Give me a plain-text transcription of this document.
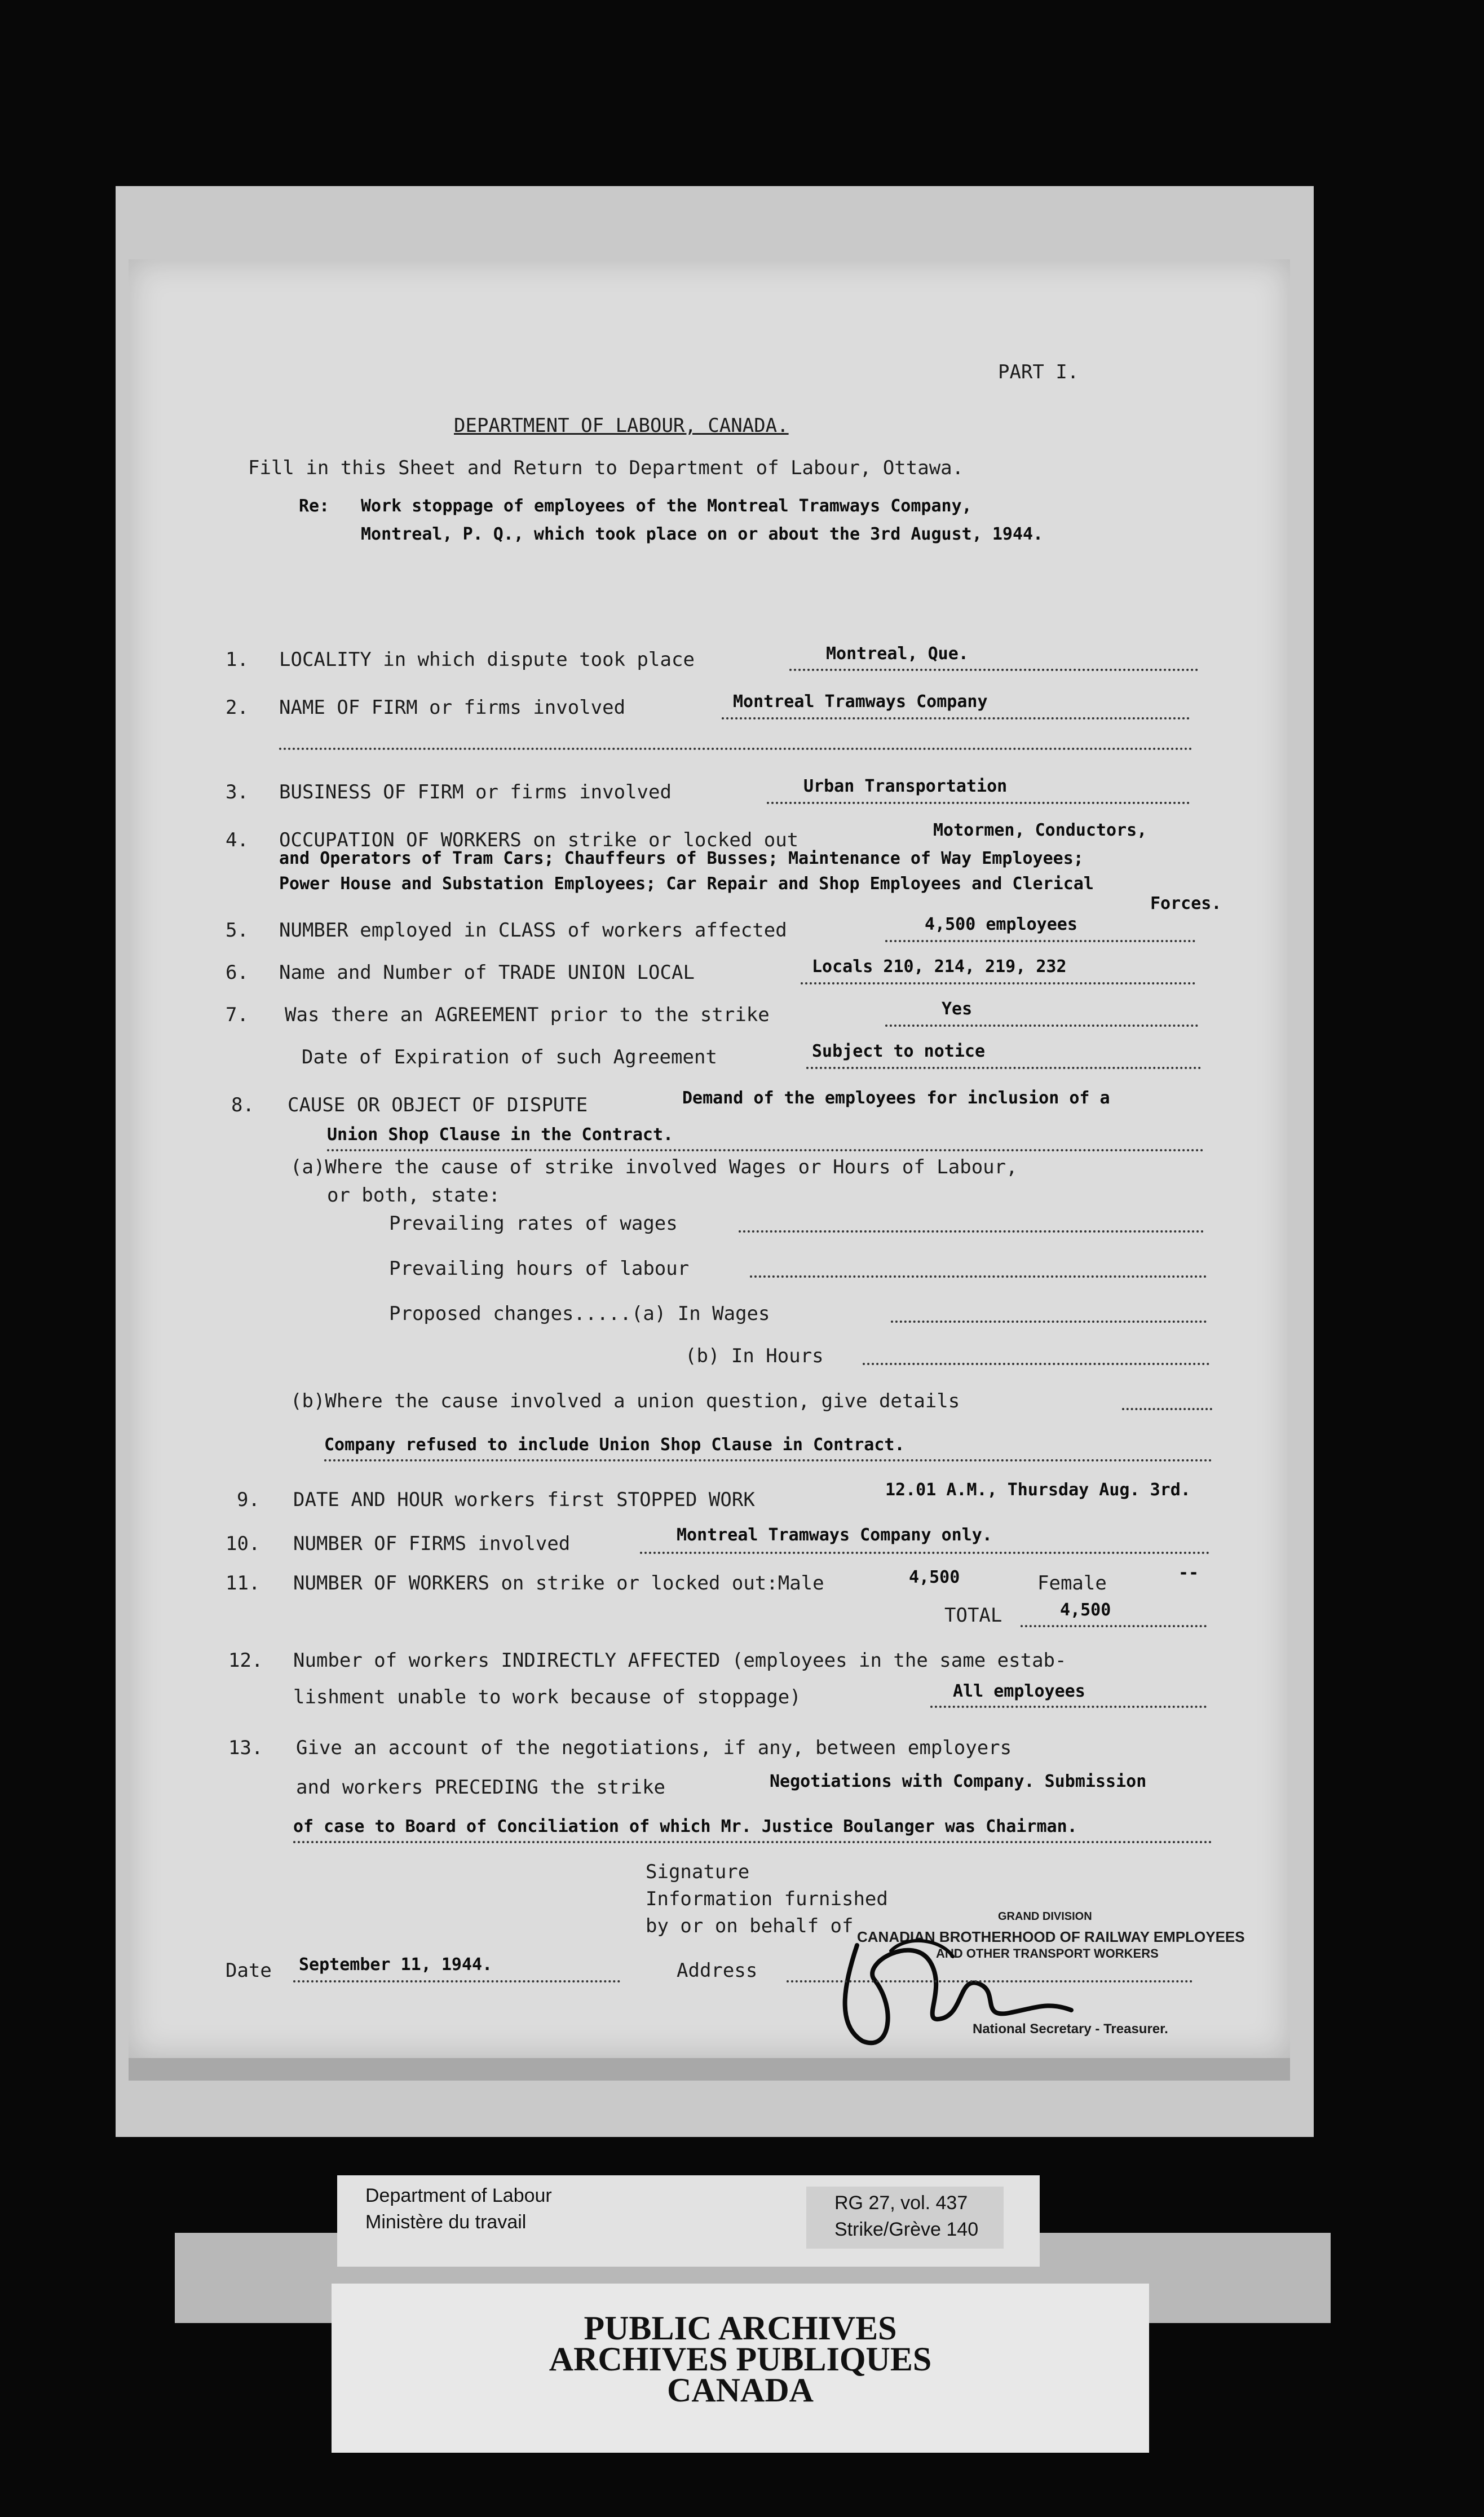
PART I.
DEPARTMENT OF LABOUR, CANADA.
Fill in this Sheet and Return to Department of Labour, Ottawa.
Re: Work stoppage of employees of the Montreal Tramways Company,
Montreal, P. Q., which took place on or about the 3rd August, 1944.
1. LOCALITY in which dispute took place	Montreal, Que.
2. NAME OF FIRM or firms involved	Montreal Tramways Company
3. BUSINESS OF FIRM or firms involved	Urban Transportation
4. OCCUPATION OF WORKERS on strike or locked out	Motormen, Conductors,
and Operators of Tram Cars; Chauffeurs of Busses; Maintenance of Way Employees;
Power House and Substation Employees; Car Repair and Shop Employees and Clerical
Forces.
5. NUMBER employed in CLASS of workers affected	4,500 employees
6. Name and Number of TRADE UNION LOCAL	Locals 210, 214, 219, 232
7. Was there an AGREEMENT prior to the strike	Yes
Date of Expiration of such Agreement	Subject to notice
8. CAUSE OR OBJECT OF DISPUTE	Demand of the employees for inclusion of a
Union Shop Clause in the Contract.
(a)Where the cause of strike involved Wages or Hours of Labour,
or both, state:
Prevailing rates of wages
Prevailing hours of labour
Proposed changes.....(a) In Wages
(b) In Hours
(b)Where the cause involved a union question, give details
Company refused to include Union Shop Clause in Contract.
9. DATE AND HOUR workers first STOPPED WORK	12.01 A.M., Thursday Aug. 3rd.
10. NUMBER OF FIRMS involved	Montreal Tramways Company only.
11. NUMBER OF WORKERS on strike or locked out:Male	4,500	Female	--
TOTAL	4,500
12. Number of workers INDIRECTLY AFFECTED (employees in the same estab-
lishment unable to work because of stoppage)	All employees
13. Give an account of the negotiations, if any, between employers
and workers PRECEDING the strike	Negotiations with Company. Submission
of case to Board of Conciliation of which Mr. Justice Boulanger was Chairman.
Signature
Information furnished
by or on behalf of	GRAND DIVISION
CANADIAN BROTHERHOOD OF RAILWAY EMPLOYEES
AND OTHER TRANSPORT WORKERS
National Secretary - Treasurer.
Date September 11, 1944.	Address
Department of Labour
Ministère du travail
RG 27, vol. 437
Strike/Grève 140
PUBLIC ARCHIVES
ARCHIVES PUBLIQUES
CANADA
